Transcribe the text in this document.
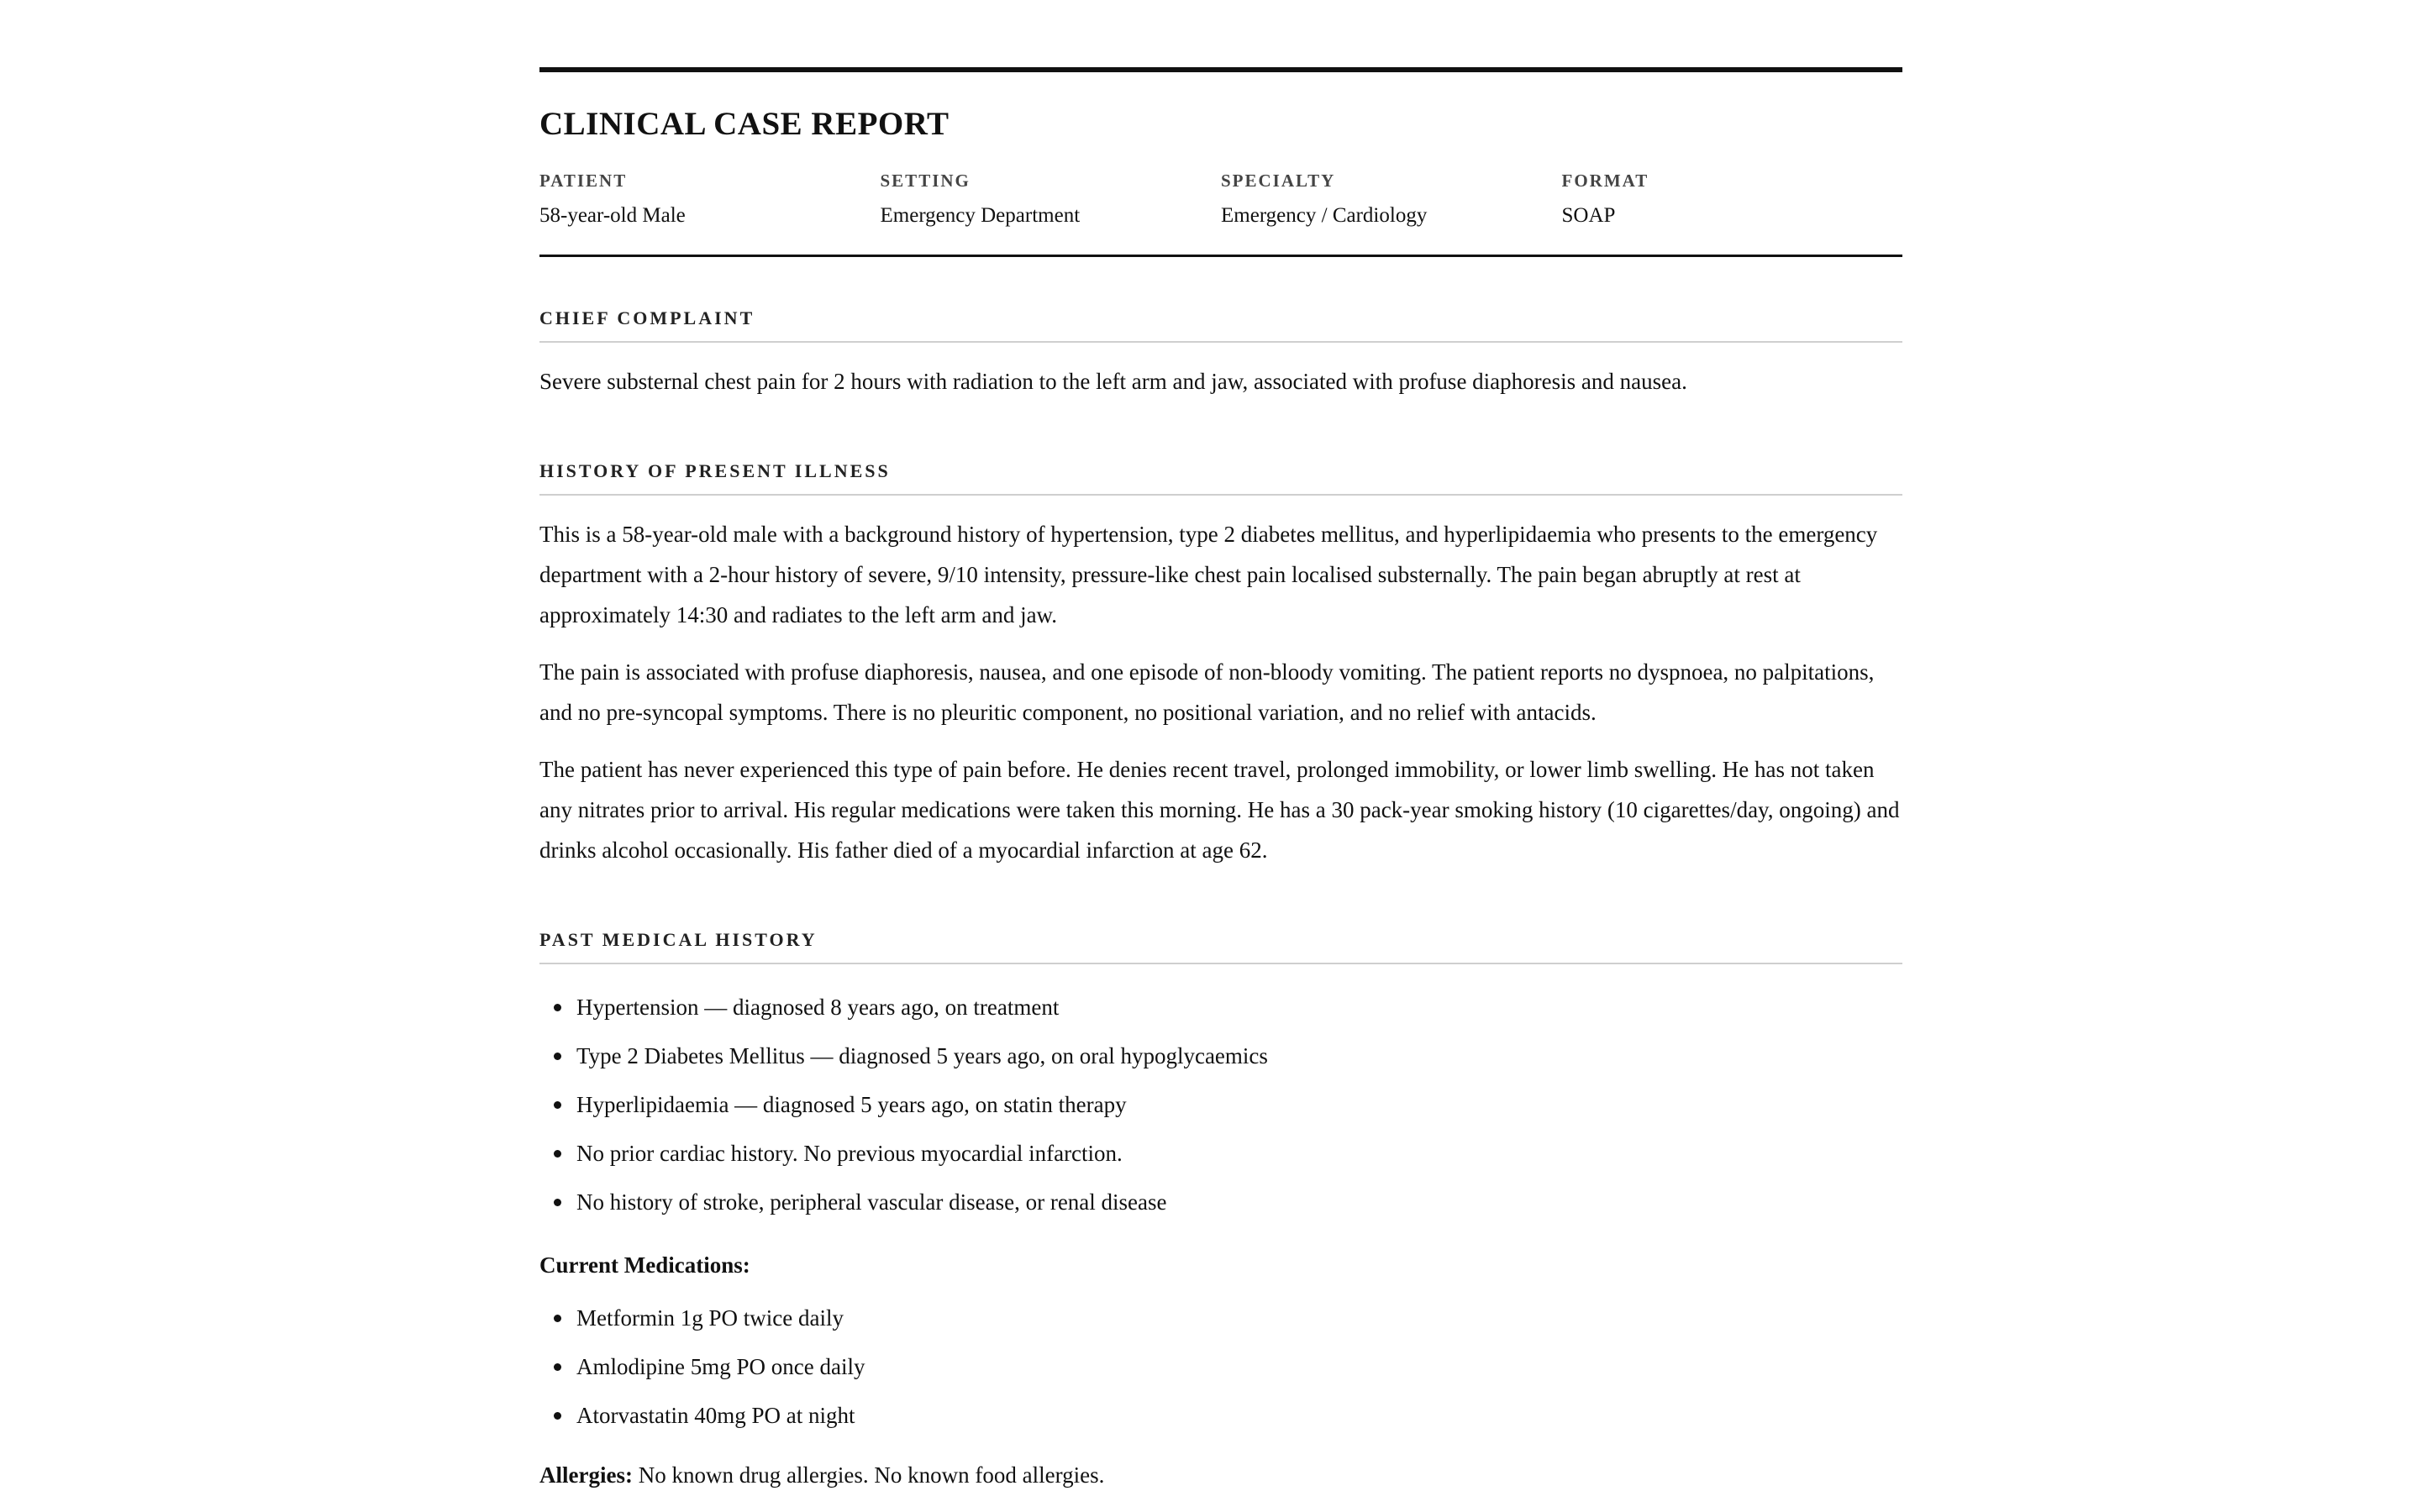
CLINICAL CASE REPORT
PATIENT
58-year-old Male
SETTING
Emergency Department
SPECIALTY
Emergency / Cardiology
FORMAT
SOAP
CHIEF COMPLAINT

Severe substernal chest pain for 2 hours with radiation to the left arm and jaw, associated with profuse diaphoresis and nausea.

HISTORY OF PRESENT ILLNESS

This is a 58-year-old male with a background history of hypertension, type 2 diabetes mellitus, and hyperlipidaemia who presents to the emergency department with a 2-hour history of severe, 9/10 intensity, pressure-like chest pain localised substernally. The pain began abruptly at rest at approximately 14:30 and radiates to the left arm and jaw.

The pain is associated with profuse diaphoresis, nausea, and one episode of non-bloody vomiting. The patient reports no dyspnoea, no palpitations, and no pre-syncopal symptoms. There is no pleuritic component, no positional variation, and no relief with antacids.

The patient has never experienced this type of pain before. He denies recent travel, prolonged immobility, or lower limb swelling. He has not taken any nitrates prior to arrival. His regular medications were taken this morning. He has a 30 pack-year smoking history (10 cigarettes/day, ongoing) and drinks alcohol occasionally. His father died of a myocardial infarction at age 62.

PAST MEDICAL HISTORY
Hypertension — diagnosed 8 years ago, on treatment
Type 2 Diabetes Mellitus — diagnosed 5 years ago, on oral hypoglycaemics
Hyperlipidaemia — diagnosed 5 years ago, on statin therapy
No prior cardiac history. No previous myocardial infarction.
No history of stroke, peripheral vascular disease, or renal disease
Current Medications:
Metformin 1g PO twice daily
Amlodipine 5mg PO once daily
Atorvastatin 40mg PO at night
Allergies: No known drug allergies. No known food allergies.
